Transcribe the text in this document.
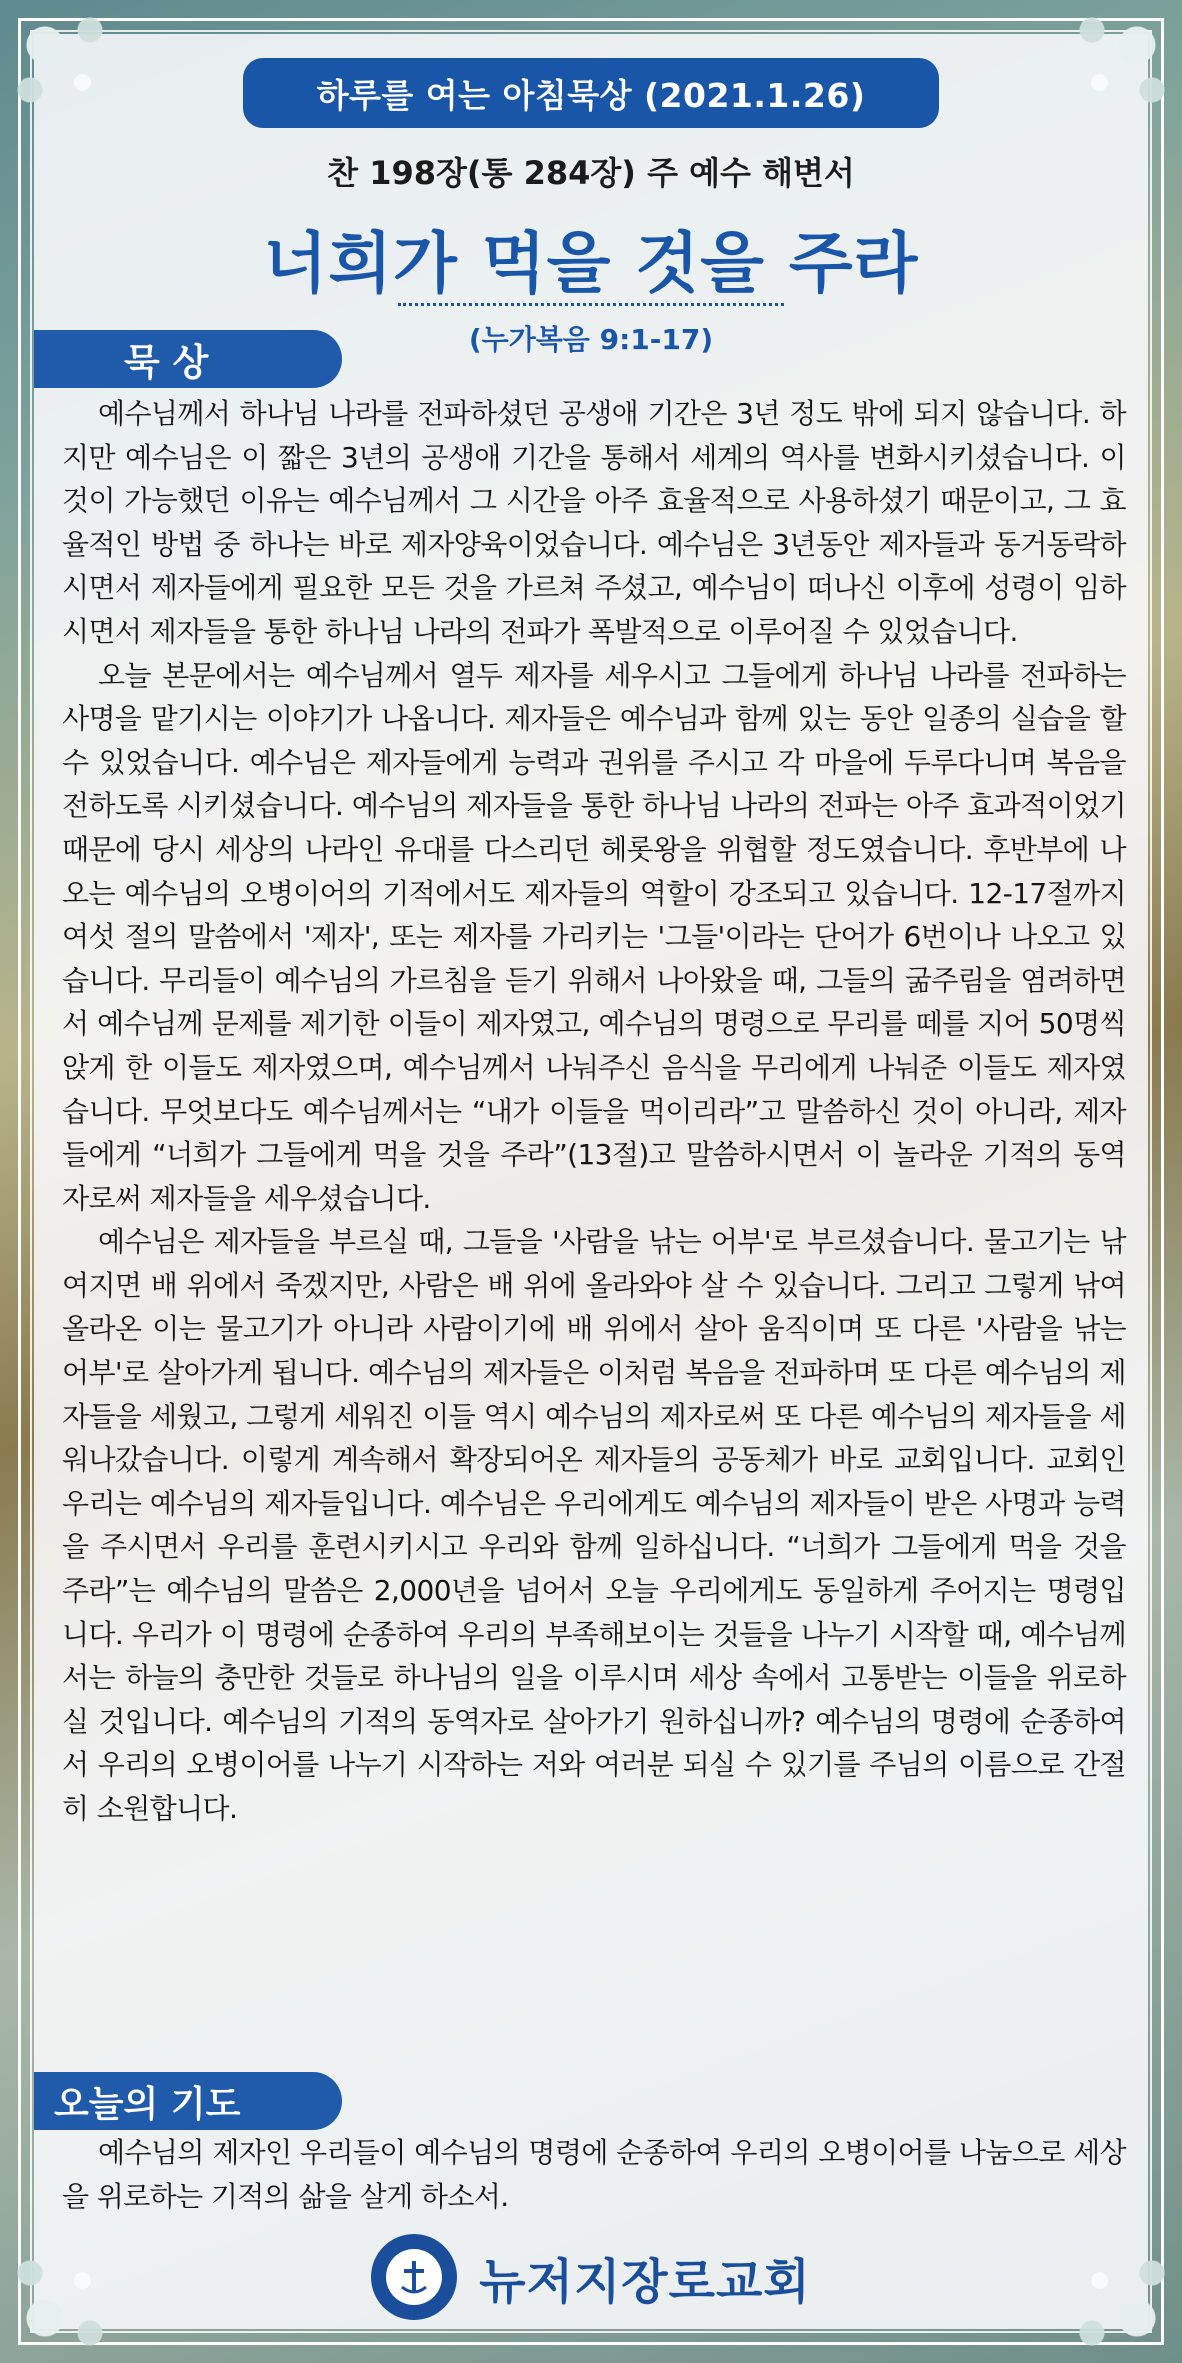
하루를 여는 아침묵상 (2021.1.26)
찬 198장(통 284장) 주 예수 해변서
너희가 먹을 것을 주라
(누가복음 9:1-17)
묵 상

예수님께서 하나님 나라를 전파하셨던 공생애 기간은 3년 정도 밖에 되지 않습니다. 하지만 예수님은 이 짧은 3년의 공생애 기간을 통해서 세계의 역사를 변화시키셨습니다. 이것이 가능했던 이유는 예수님께서 그 시간을 아주 효율적으로 사용하셨기 때문이고, 그 효율적인 방법 중 하나는 바로 제자양육이었습니다. 예수님은 3년동안 제자들과 동거동락하시면서 제자들에게 필요한 모든 것을 가르쳐 주셨고, 예수님이 떠나신 이후에 성령이 임하시면서 제자들을 통한 하나님 나라의 전파가 폭발적으로 이루어질 수 있었습니다.

오늘 본문에서는 예수님께서 열두 제자를 세우시고 그들에게 하나님 나라를 전파하는 사명을 맡기시는 이야기가 나옵니다. 제자들은 예수님과 함께 있는 동안 일종의 실습을 할 수 있었습니다. 예수님은 제자들에게 능력과 권위를 주시고 각 마을에 두루다니며 복음을 전하도록 시키셨습니다. 예수님의 제자들을 통한 하나님 나라의 전파는 아주 효과적이었기 때문에 당시 세상의 나라인 유대를 다스리던 헤롯왕을 위협할 정도였습니다. 후반부에 나오는 예수님의 오병이어의 기적에서도 제자들의 역할이 강조되고 있습니다. 12-17절까지 여섯 절의 말씀에서 '제자', 또는 제자를 가리키는 '그들'이라는 단어가 6번이나 나오고 있습니다. 무리들이 예수님의 가르침을 듣기 위해서 나아왔을 때, 그들의 굶주림을 염려하면서 예수님께 문제를 제기한 이들이 제자였고, 예수님의 명령으로 무리를 떼를 지어 50명씩 앉게 한 이들도 제자였으며, 예수님께서 나눠주신 음식을 무리에게 나눠준 이들도 제자였습니다. 무엇보다도 예수님께서는 “내가 이들을 먹이리라”고 말씀하신 것이 아니라, 제자들에게 “너희가 그들에게 먹을 것을 주라”(13절)고 말씀하시면서 이 놀라운 기적의 동역자로써 제자들을 세우셨습니다.

예수님은 제자들을 부르실 때, 그들을 '사람을 낚는 어부'로 부르셨습니다. 물고기는 낚여지면 배 위에서 죽겠지만, 사람은 배 위에 올라와야 살 수 있습니다. 그리고 그렇게 낚여 올라온 이는 물고기가 아니라 사람이기에 배 위에서 살아 움직이며 또 다른 '사람을 낚는 어부'로 살아가게 됩니다. 예수님의 제자들은 이처럼 복음을 전파하며 또 다른 예수님의 제자들을 세웠고, 그렇게 세워진 이들 역시 예수님의 제자로써 또 다른 예수님의 제자들을 세워나갔습니다. 이렇게 계속해서 확장되어온 제자들의 공동체가 바로 교회입니다. 교회인 우리는 예수님의 제자들입니다. 예수님은 우리에게도 예수님의 제자들이 받은 사명과 능력을 주시면서 우리를 훈련시키시고 우리와 함께 일하십니다. “너희가 그들에게 먹을 것을 주라”는 예수님의 말씀은 2,000년을 넘어서 오늘 우리에게도 동일하게 주어지는 명령입니다. 우리가 이 명령에 순종하여 우리의 부족해보이는 것들을 나누기 시작할 때, 예수님께서는 하늘의 충만한 것들로 하나님의 일을 이루시며 세상 속에서 고통받는 이들을 위로하실 것입니다. 예수님의 기적의 동역자로 살아가기 원하십니까? 예수님의 명령에 순종하여서 우리의 오병이어를 나누기 시작하는 저와 여러분 되실 수 있기를 주님의 이름으로 간절히 소원합니다.

오늘의 기도

예수님의 제자인 우리들이 예수님의 명령에 순종하여 우리의 오병이어를 나눔으로 세상을 위로하는 기적의 삶을 살게 하소서.

뉴저지장로교회
